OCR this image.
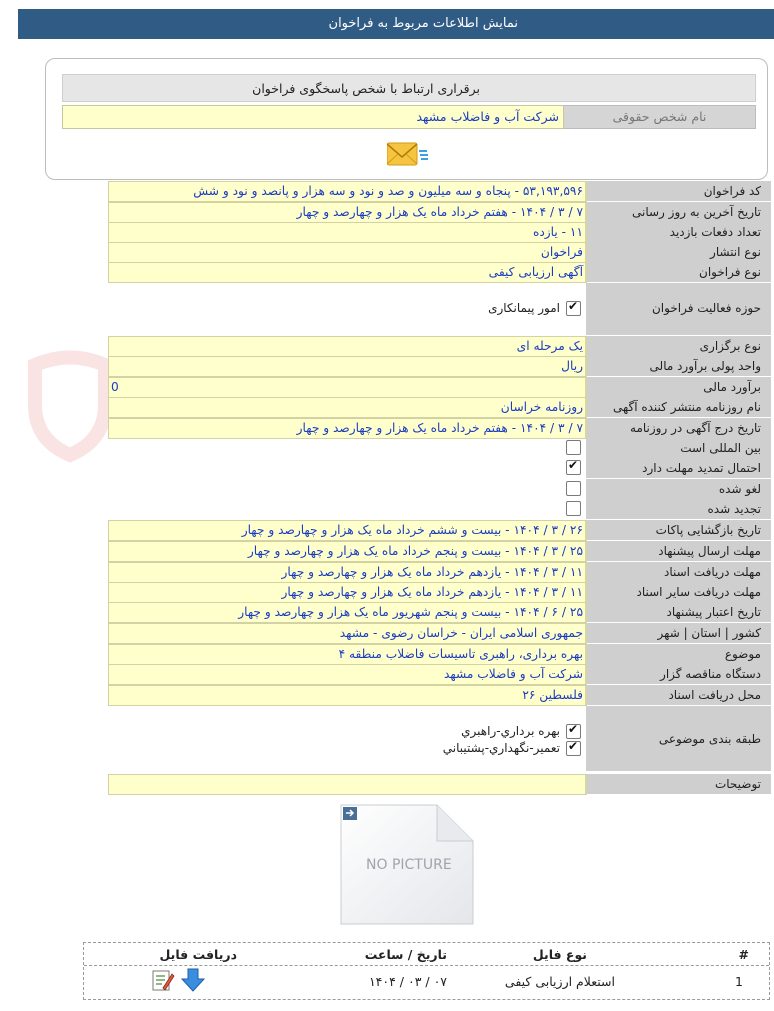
نمایش اطلاعات مربوط به فراخوان
برقراری ارتباط با شخص پاسخگوی فراخوان
نام شخص حقوقی
شرکت آب و فاضلاب مشهد
کد فراخوان
۵۳,۱۹۳,۵۹۶ - پنجاه و سه میلیون و صد و نود و سه هزار و پانصد و نود و شش
تاریخ آخرین به روز رسانی
۷ / ۳ / ۱۴۰۴ - هفتم خرداد ماه یک هزار و چهارصد و چهار
تعداد دفعات بازدید
۱۱ - یازده
نوع انتشار
فراخوان
نوع فراخوان
آگهی ارزیابی کیفی
حوزه فعالیت فراخوان
✔امور پیمانکاری
نوع برگزاری
یک مرحله ای
واحد پولی برآورد مالی
ریال
برآورد مالی
0
نام روزنامه منتشر کننده آگهی
روزنامه خراسان
تاریخ درج آگهی در روزنامه
۷ / ۳ / ۱۴۰۴ - هفتم خرداد ماه یک هزار و چهارصد و چهار
بین المللی است
احتمال تمدید مهلت دارد
✔
لغو شده
تجدید شده
تاریخ بازگشایی پاکات
۲۶ / ۳ / ۱۴۰۴ - بیست و ششم خرداد ماه یک هزار و چهارصد و چهار
مهلت ارسال پیشنهاد
۲۵ / ۳ / ۱۴۰۴ - بیست و پنجم خرداد ماه یک هزار و چهارصد و چهار
مهلت دریافت اسناد
۱۱ / ۳ / ۱۴۰۴ - یازدهم خرداد ماه یک هزار و چهارصد و چهار
مهلت دریافت سایر اسناد
۱۱ / ۳ / ۱۴۰۴ - یازدهم خرداد ماه یک هزار و چهارصد و چهار
تاریخ اعتبار پیشنهاد
۲۵ / ۶ / ۱۴۰۴ - بیست و پنجم شهریور ماه یک هزار و چهارصد و چهار
کشور | استان | شهر
جمهوری اسلامی ایران - خراسان رضوی - مشهد
موضوع
بهره برداری، راهبری تاسیسات فاضلاب منطقه ۴
دستگاه مناقصه گزار
شرکت آب و فاضلاب مشهد
محل دریافت اسناد
فلسطین ۲۶
طبقه بندی موضوعی
✔بهره برداري-راهبري
✔تعمير-نگهداري-پشتيباني
توضیحات
NO PICTURE
#
نوع فایل
تاریخ / ساعت
دریافت فایل
1
استعلام ارزیابی کیفی
۱۴۰۴ / ۰۳ / ۰۷
